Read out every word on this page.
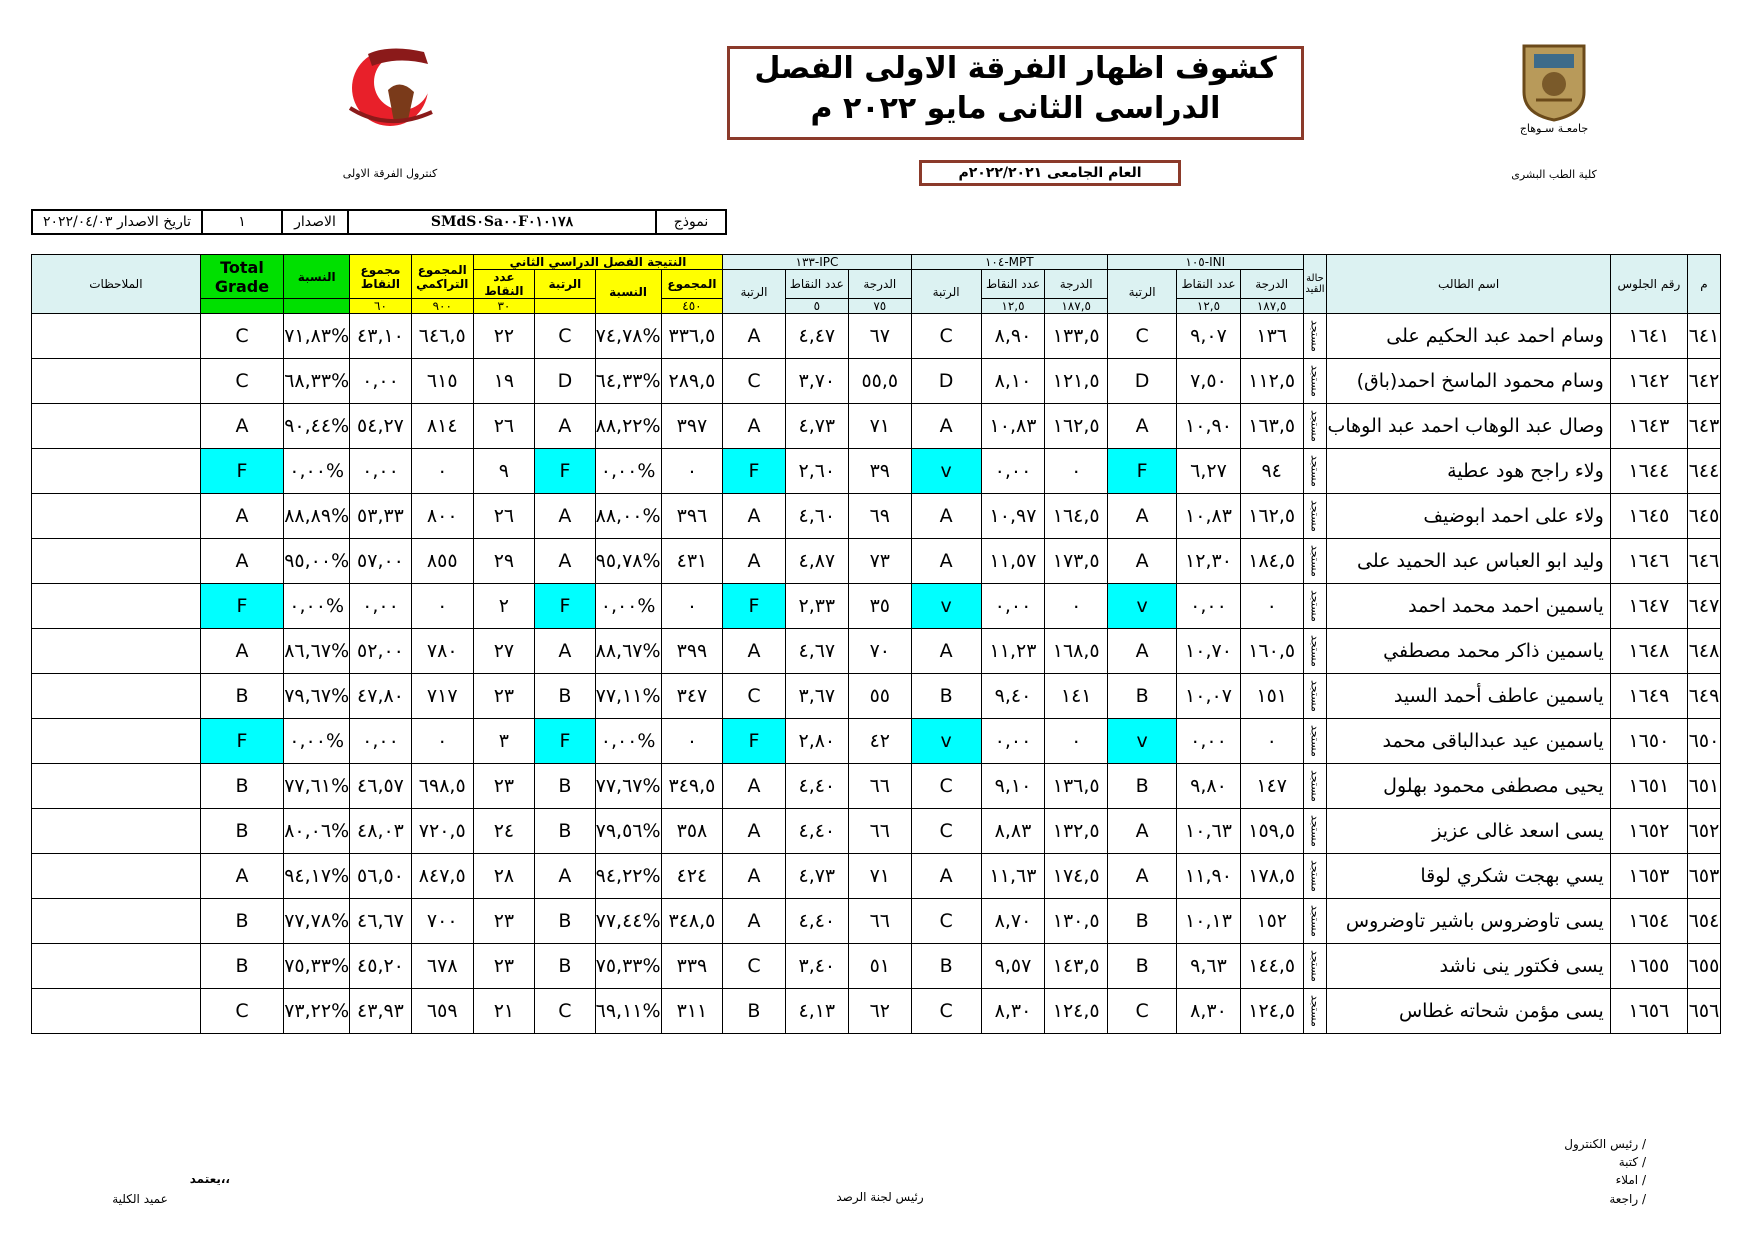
جامعـة سـوهاج
كلية الطب البشرى
كنترول الفرقة الاولى
كشوف اظهار الفرقة الاولى الفصل
الدراسى الثانى مايو ٢٠٢٢ م
العام الجامعى ٢٠٢٢/٢٠٢١م
تاريخ الاصدار ٢٠٢٢/٠٤/٠٣	١	الاصدار	SMdS٠Sa٠٠F٠١٠١٧٨	نموذج
م	رقم الجلوس	اسم الطالب	حالة القيد	INI-١٠٥			MPT-١٠٤			IPC-١٣٣			النتيجة الفصل الدراسي الثاني				المجموع التراكمي	مجموع النقاط	النسبة	Total Grade	الملاحظات
				الدرجة	عدد النقاط	الرتبة	الدرجة	عدد النقاط	الرتبة	الدرجة	عدد النقاط	الرتبة	المجموع	النسبة	الرتبة	عدد النقاط					
				١٨٧,٥	١٢,٥		١٨٧,٥	١٢,٥		٧٥	٥		٤٥٠			٣٠	٩٠٠	٦٠			
٦٤١	١٦٤١	وسام احمد عبد الحكيم على	مستجد	١٣٦	٩,٠٧	C	١٣٣,٥	٨,٩٠	C	٦٧	٤,٤٧	A	٣٣٦,٥	%٧٤,٧٨	C	٢٢	٦٤٦,٥	٤٣,١٠	%٧١,٨٣	C	
٦٤٢	١٦٤٢	وسام محمود الماسخ احمد(باق)	مستجد	١١٢,٥	٧,٥٠	D	١٢١,٥	٨,١٠	D	٥٥,٥	٣,٧٠	C	٢٨٩,٥	%٦٤,٣٣	D	١٩	٦١٥	٠,٠٠	%٦٨,٣٣	C	
٦٤٣	١٦٤٣	وصال عبد الوهاب احمد عبد الوهاب	مستجد	١٦٣,٥	١٠,٩٠	A	١٦٢,٥	١٠,٨٣	A	٧١	٤,٧٣	A	٣٩٧	%٨٨,٢٢	A	٢٦	٨١٤	٥٤,٢٧	%٩٠,٤٤	A	
٦٤٤	١٦٤٤	ولاء راجح هود عطية	مستجد	٩٤	٦,٢٧	F	٠	٠,٠٠	v	٣٩	٢,٦٠	F	٠	%٠,٠٠	F	٩	٠	٠,٠٠	%٠,٠٠	F	
٦٤٥	١٦٤٥	ولاء على احمد ابوضيف	مستجد	١٦٢,٥	١٠,٨٣	A	١٦٤,٥	١٠,٩٧	A	٦٩	٤,٦٠	A	٣٩٦	%٨٨,٠٠	A	٢٦	٨٠٠	٥٣,٣٣	%٨٨,٨٩	A	
٦٤٦	١٦٤٦	وليد ابو العباس عبد الحميد على	مستجد	١٨٤,٥	١٢,٣٠	A	١٧٣,٥	١١,٥٧	A	٧٣	٤,٨٧	A	٤٣١	%٩٥,٧٨	A	٢٩	٨٥٥	٥٧,٠٠	%٩٥,٠٠	A	
٦٤٧	١٦٤٧	ياسمين احمد محمد احمد	مستجد	٠	٠,٠٠	v	٠	٠,٠٠	v	٣٥	٢,٣٣	F	٠	%٠,٠٠	F	٢	٠	٠,٠٠	%٠,٠٠	F	
٦٤٨	١٦٤٨	ياسمين ذاكر محمد مصطفي	مستجد	١٦٠,٥	١٠,٧٠	A	١٦٨,٥	١١,٢٣	A	٧٠	٤,٦٧	A	٣٩٩	%٨٨,٦٧	A	٢٧	٧٨٠	٥٢,٠٠	%٨٦,٦٧	A	
٦٤٩	١٦٤٩	ياسمين عاطف أحمد السيد	مستجد	١٥١	١٠,٠٧	B	١٤١	٩,٤٠	B	٥٥	٣,٦٧	C	٣٤٧	%٧٧,١١	B	٢٣	٧١٧	٤٧,٨٠	%٧٩,٦٧	B	
٦٥٠	١٦٥٠	ياسمين عيد عبدالباقى محمد	مستجد	٠	٠,٠٠	v	٠	٠,٠٠	v	٤٢	٢,٨٠	F	٠	%٠,٠٠	F	٣	٠	٠,٠٠	%٠,٠٠	F	
٦٥١	١٦٥١	يحيى مصطفى محمود بهلول	مستجد	١٤٧	٩,٨٠	B	١٣٦,٥	٩,١٠	C	٦٦	٤,٤٠	A	٣٤٩,٥	%٧٧,٦٧	B	٢٣	٦٩٨,٥	٤٦,٥٧	%٧٧,٦١	B	
٦٥٢	١٦٥٢	يسى اسعد غالى عزيز	مستجد	١٥٩,٥	١٠,٦٣	A	١٣٢,٥	٨,٨٣	C	٦٦	٤,٤٠	A	٣٥٨	%٧٩,٥٦	B	٢٤	٧٢٠,٥	٤٨,٠٣	%٨٠,٠٦	B	
٦٥٣	١٦٥٣	يسي بهجت شكري لوقا	مستجد	١٧٨,٥	١١,٩٠	A	١٧٤,٥	١١,٦٣	A	٧١	٤,٧٣	A	٤٢٤	%٩٤,٢٢	A	٢٨	٨٤٧,٥	٥٦,٥٠	%٩٤,١٧	A	
٦٥٤	١٦٥٤	يسى تاوضروس باشير تاوضروس	مستجد	١٥٢	١٠,١٣	B	١٣٠,٥	٨,٧٠	C	٦٦	٤,٤٠	A	٣٤٨,٥	%٧٧,٤٤	B	٢٣	٧٠٠	٤٦,٦٧	%٧٧,٧٨	B	
٦٥٥	١٦٥٥	يسى فكتور ينى ناشد	مستجد	١٤٤,٥	٩,٦٣	B	١٤٣,٥	٩,٥٧	B	٥١	٣,٤٠	C	٣٣٩	%٧٥,٣٣	B	٢٣	٦٧٨	٤٥,٢٠	%٧٥,٣٣	B	
٦٥٦	١٦٥٦	يسى مؤمن شحاته غطاس	مستجد	١٢٤,٥	٨,٣٠	C	١٢٤,٥	٨,٣٠	C	٦٢	٤,١٣	B	٣١١	%٦٩,١١	C	٢١	٦٥٩	٤٣,٩٣	%٧٣,٢٢	C	
رئيس الكنترول /
كتبة /
املاء /
راجعة /
رئيس لجنة الرصد
يعتمد،،
عميد الكلية
